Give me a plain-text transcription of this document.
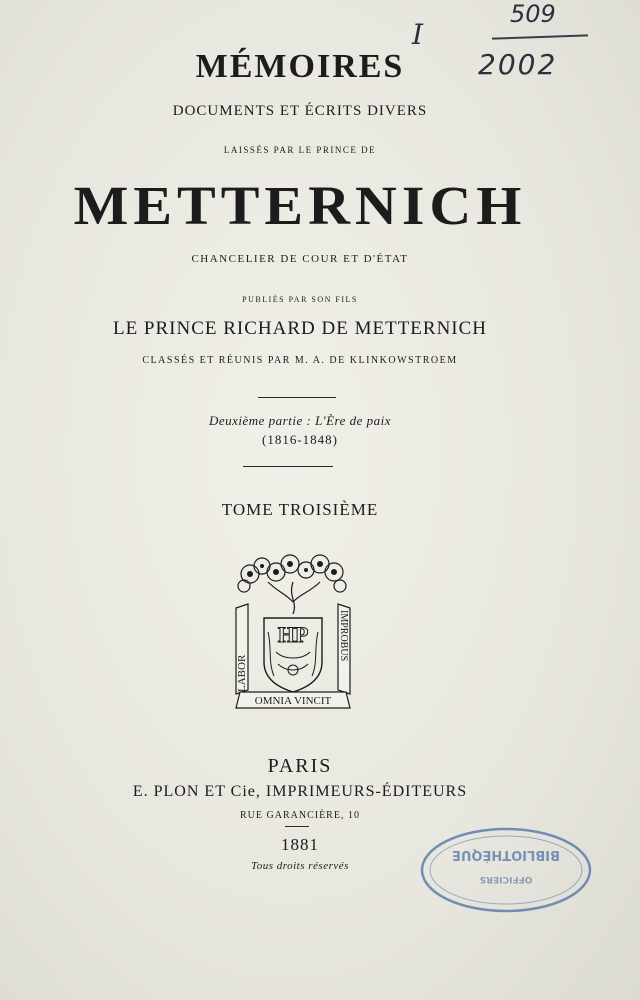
I
509
2002
MÉMOIRES
DOCUMENTS ET ÉCRITS DIVERS
LAISSÉS PAR LE PRINCE DE
METTERNICH
CHANCELIER DE COUR ET D'ÉTAT
PUBLIÉS PAR SON FILS
LE PRINCE RICHARD DE METTERNICH
CLASSÉS ET RÉUNIS PAR M. A. DE KLINKOWSTROEM
Deuxième partie : L'Ère de paix
(1816-1848)
TOME TROISIÈME
LABOR
IMPROBUS
HP
OMNIA VINCIT
PARIS
E. PLON ET Cie, IMPRIMEURS-ÉDITEURS
RUE GARANCIÈRE, 10
1881
Tous droits réservés
BIBLIOTHÈQUE
OFFICIERS
